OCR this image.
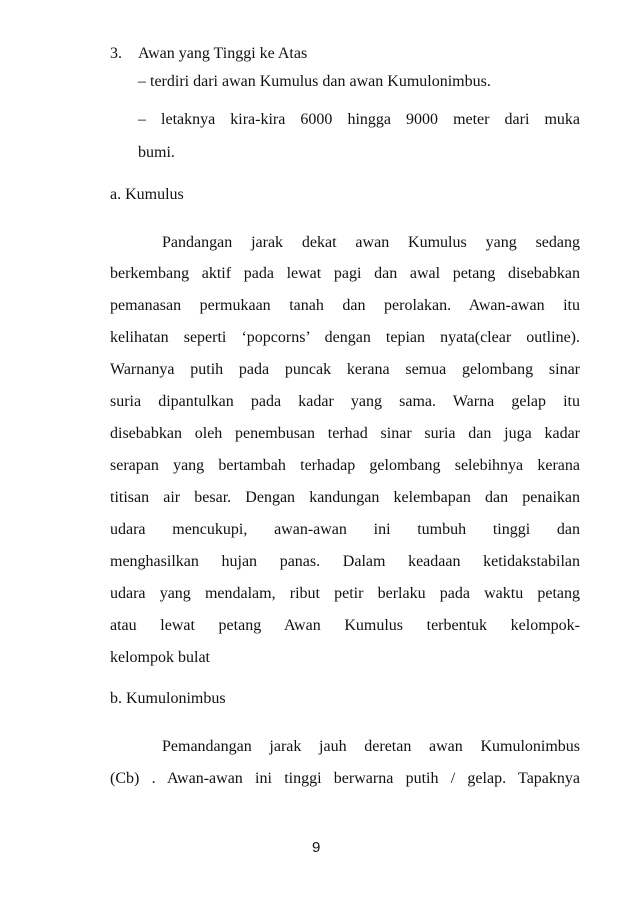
3. Awan yang Tinggi ke Atas
– terdiri dari awan Kumulus dan awan Kumulonimbus.
– letaknya kira-kira 6000 hingga 9000 meter dari muka
bumi.
a. Kumulus
Pandangan jarak dekat awan Kumulus yang sedang
berkembang aktif pada lewat pagi dan awal petang disebabkan
pemanasan permukaan tanah dan perolakan. Awan-awan itu
kelihatan seperti ‘popcorns’ dengan tepian nyata(clear outline).
Warnanya putih pada puncak kerana semua gelombang sinar
suria dipantulkan pada kadar yang sama. Warna gelap itu
disebabkan oleh penembusan terhad sinar suria dan juga kadar
serapan yang bertambah terhadap gelombang selebihnya kerana
titisan air besar. Dengan kandungan kelembapan dan penaikan
udara mencukupi, awan-awan ini tumbuh tinggi dan
menghasilkan hujan panas. Dalam keadaan ketidakstabilan
udara yang mendalam, ribut petir berlaku pada waktu petang
atau lewat petang Awan Kumulus terbentuk kelompok-
kelompok bulat
b. Kumulonimbus
Pemandangan jarak jauh deretan awan Kumulonimbus
(Cb) . Awan-awan ini tinggi berwarna putih / gelap. Tapaknya
9
